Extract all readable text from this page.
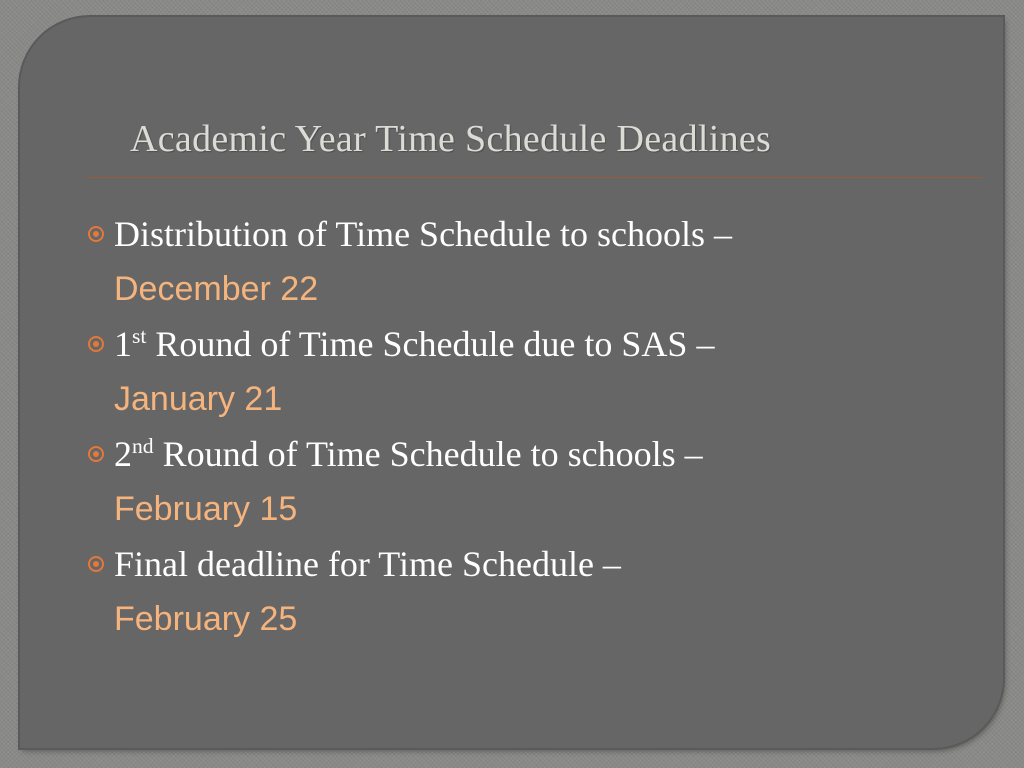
Academic Year Time Schedule Deadlines
Distribution of Time Schedule to schools –
December 22
1st Round of Time Schedule due to SAS –
January 21
2nd Round of Time Schedule to schools –
February 15
Final deadline for Time Schedule –
February 25
